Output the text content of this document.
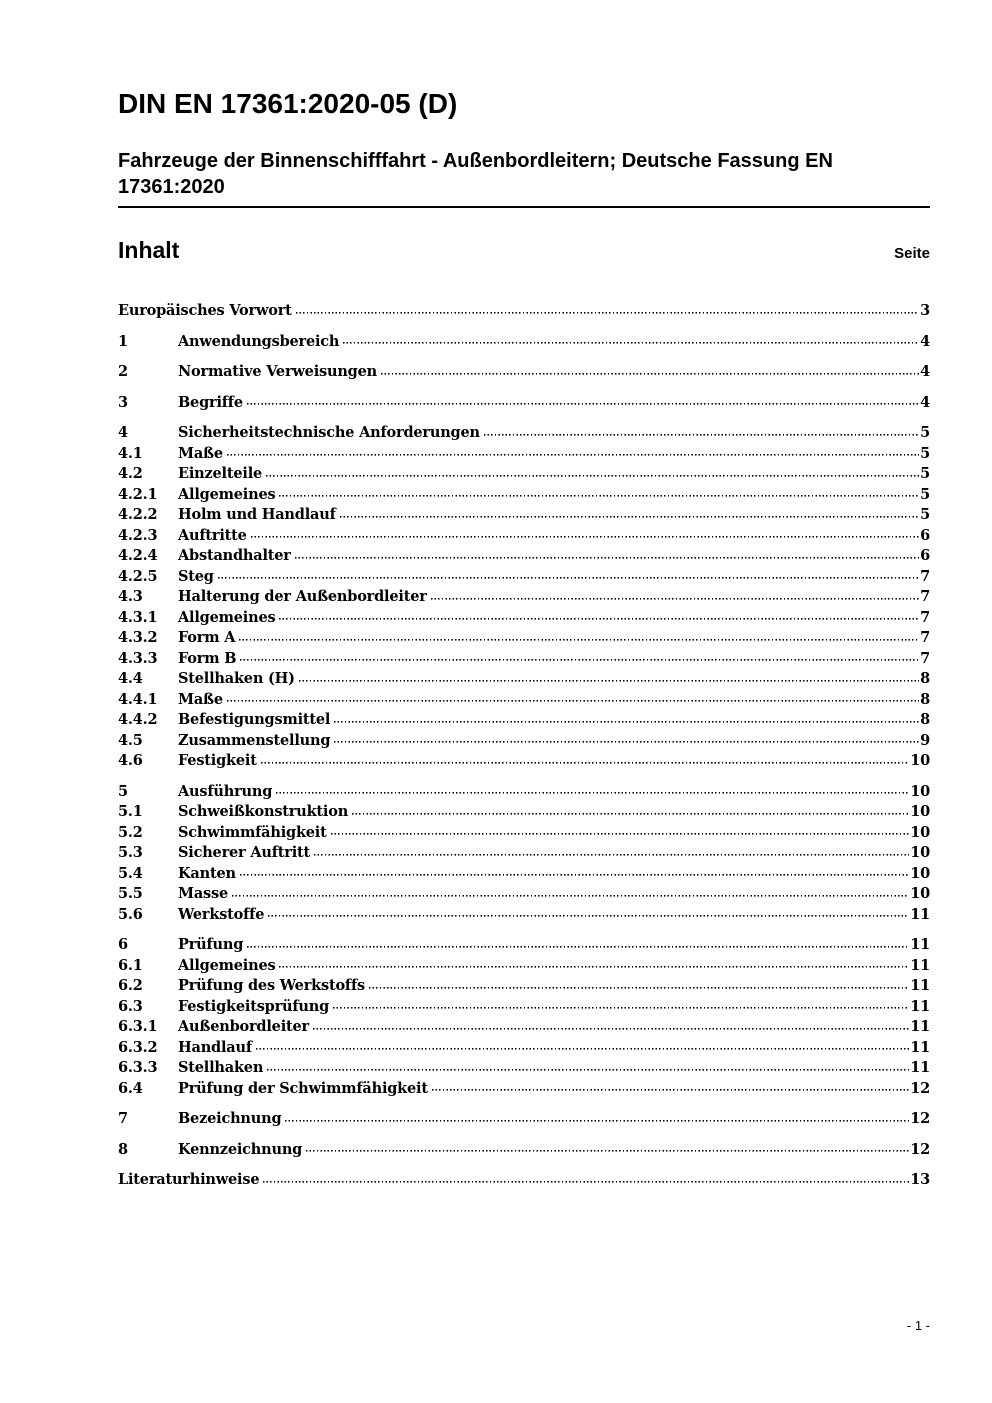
DIN EN 17361:2020-05 (D)
Fahrzeuge der Binnenschifffahrt - Außenbordleitern; Deutsche Fassung EN 17361:2020
Inhalt	Seite
Europäisches Vorwort	3
1	Anwendungsbereich	4
2	Normative Verweisungen	4
3	Begriffe	4
4	Sicherheitstechnische Anforderungen	5
4.1	Maße	5
4.2	Einzelteile	5
4.2.1	Allgemeines	5
4.2.2	Holm und Handlauf	5
4.2.3	Auftritte	6
4.2.4	Abstandhalter	6
4.2.5	Steg	7
4.3	Halterung der Außenbordleiter	7
4.3.1	Allgemeines	7
4.3.2	Form A	7
4.3.3	Form B	7
4.4	Stellhaken (H)	8
4.4.1	Maße	8
4.4.2	Befestigungsmittel	8
4.5	Zusammenstellung	9
4.6	Festigkeit	10
5	Ausführung	10
5.1	Schweißkonstruktion	10
5.2	Schwimmfähigkeit	10
5.3	Sicherer Auftritt	10
5.4	Kanten	10
5.5	Masse	10
5.6	Werkstoffe	11
6	Prüfung	11
6.1	Allgemeines	11
6.2	Prüfung des Werkstoffs	11
6.3	Festigkeitsprüfung	11
6.3.1	Außenbordleiter	11
6.3.2	Handlauf	11
6.3.3	Stellhaken	11
6.4	Prüfung der Schwimmfähigkeit	12
7	Bezeichnung	12
8	Kennzeichnung	12
Literaturhinweise	13
- 1 -
